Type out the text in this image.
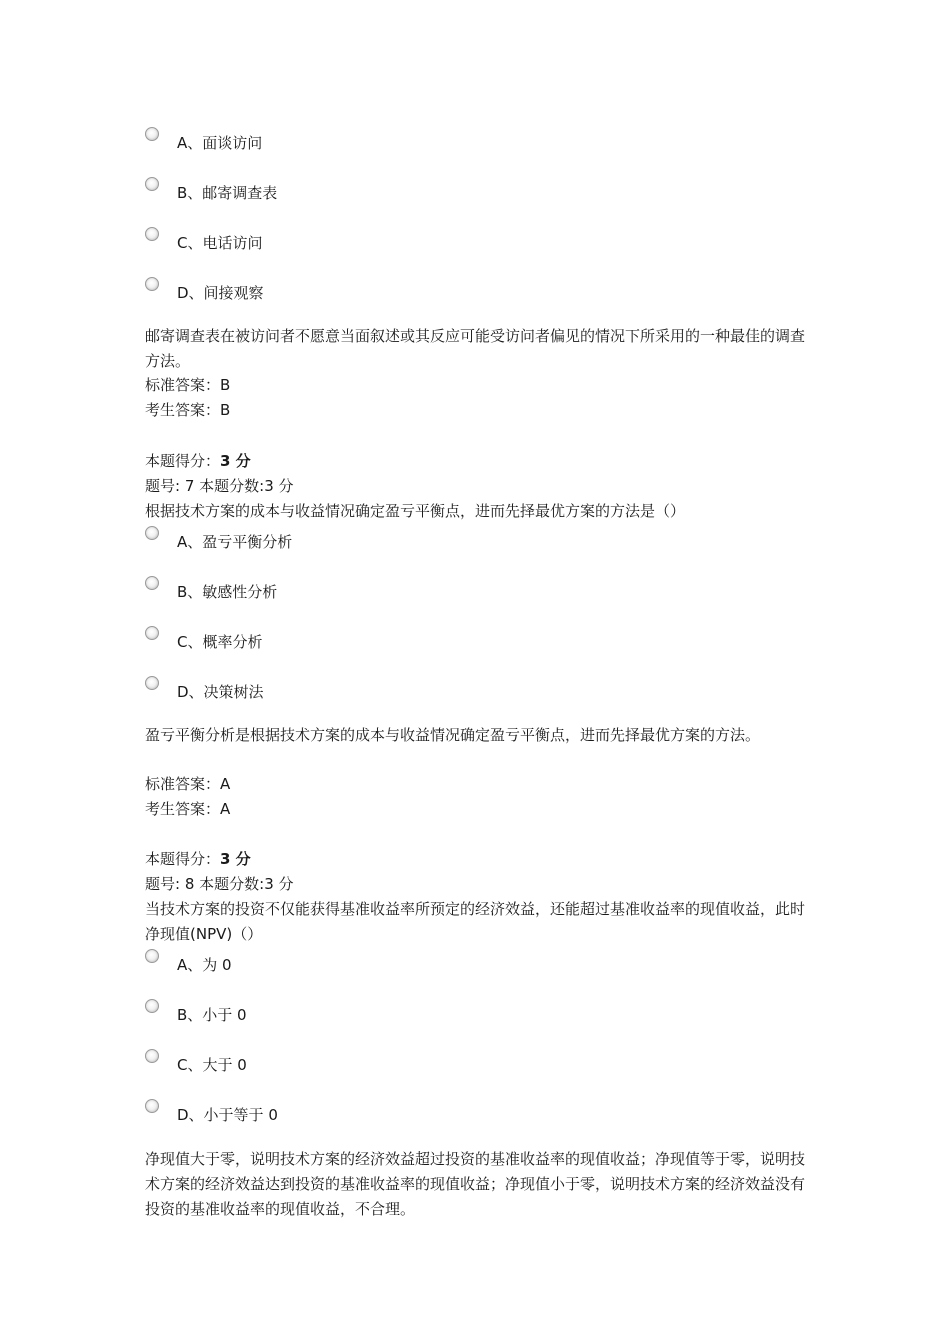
A、面谈访问
B、邮寄调查表
C、电话访问
D、间接观察
邮寄调查表在被访问者不愿意当面叙述或其反应可能受访问者偏见的情况下所采用的一种最佳的调查方法。
标准答案：B
考生答案：B
本题得分：3 分
题号: 7 本题分数:3 分
根据技术方案的成本与收益情况确定盈亏平衡点，进而先择最优方案的方法是（）
A、盈亏平衡分析
B、敏感性分析
C、概率分析
D、决策树法
盈亏平衡分析是根据技术方案的成本与收益情况确定盈亏平衡点，进而先择最优方案的方法。
标准答案：A
考生答案：A
本题得分：3 分
题号: 8 本题分数:3 分
当技术方案的投资不仅能获得基准收益率所预定的经济效益，还能超过基准收益率的现值收益，此时净现值(NPV)（）
A、为 0
B、小于 0
C、大于 0
D、小于等于 0
净现值大于零，说明技术方案的经济效益超过投资的基准收益率的现值收益；净现值等于零，说明技术方案的经济效益达到投资的基准收益率的现值收益；净现值小于零，说明技术方案的经济效益没有投资的基准收益率的现值收益，不合理。
